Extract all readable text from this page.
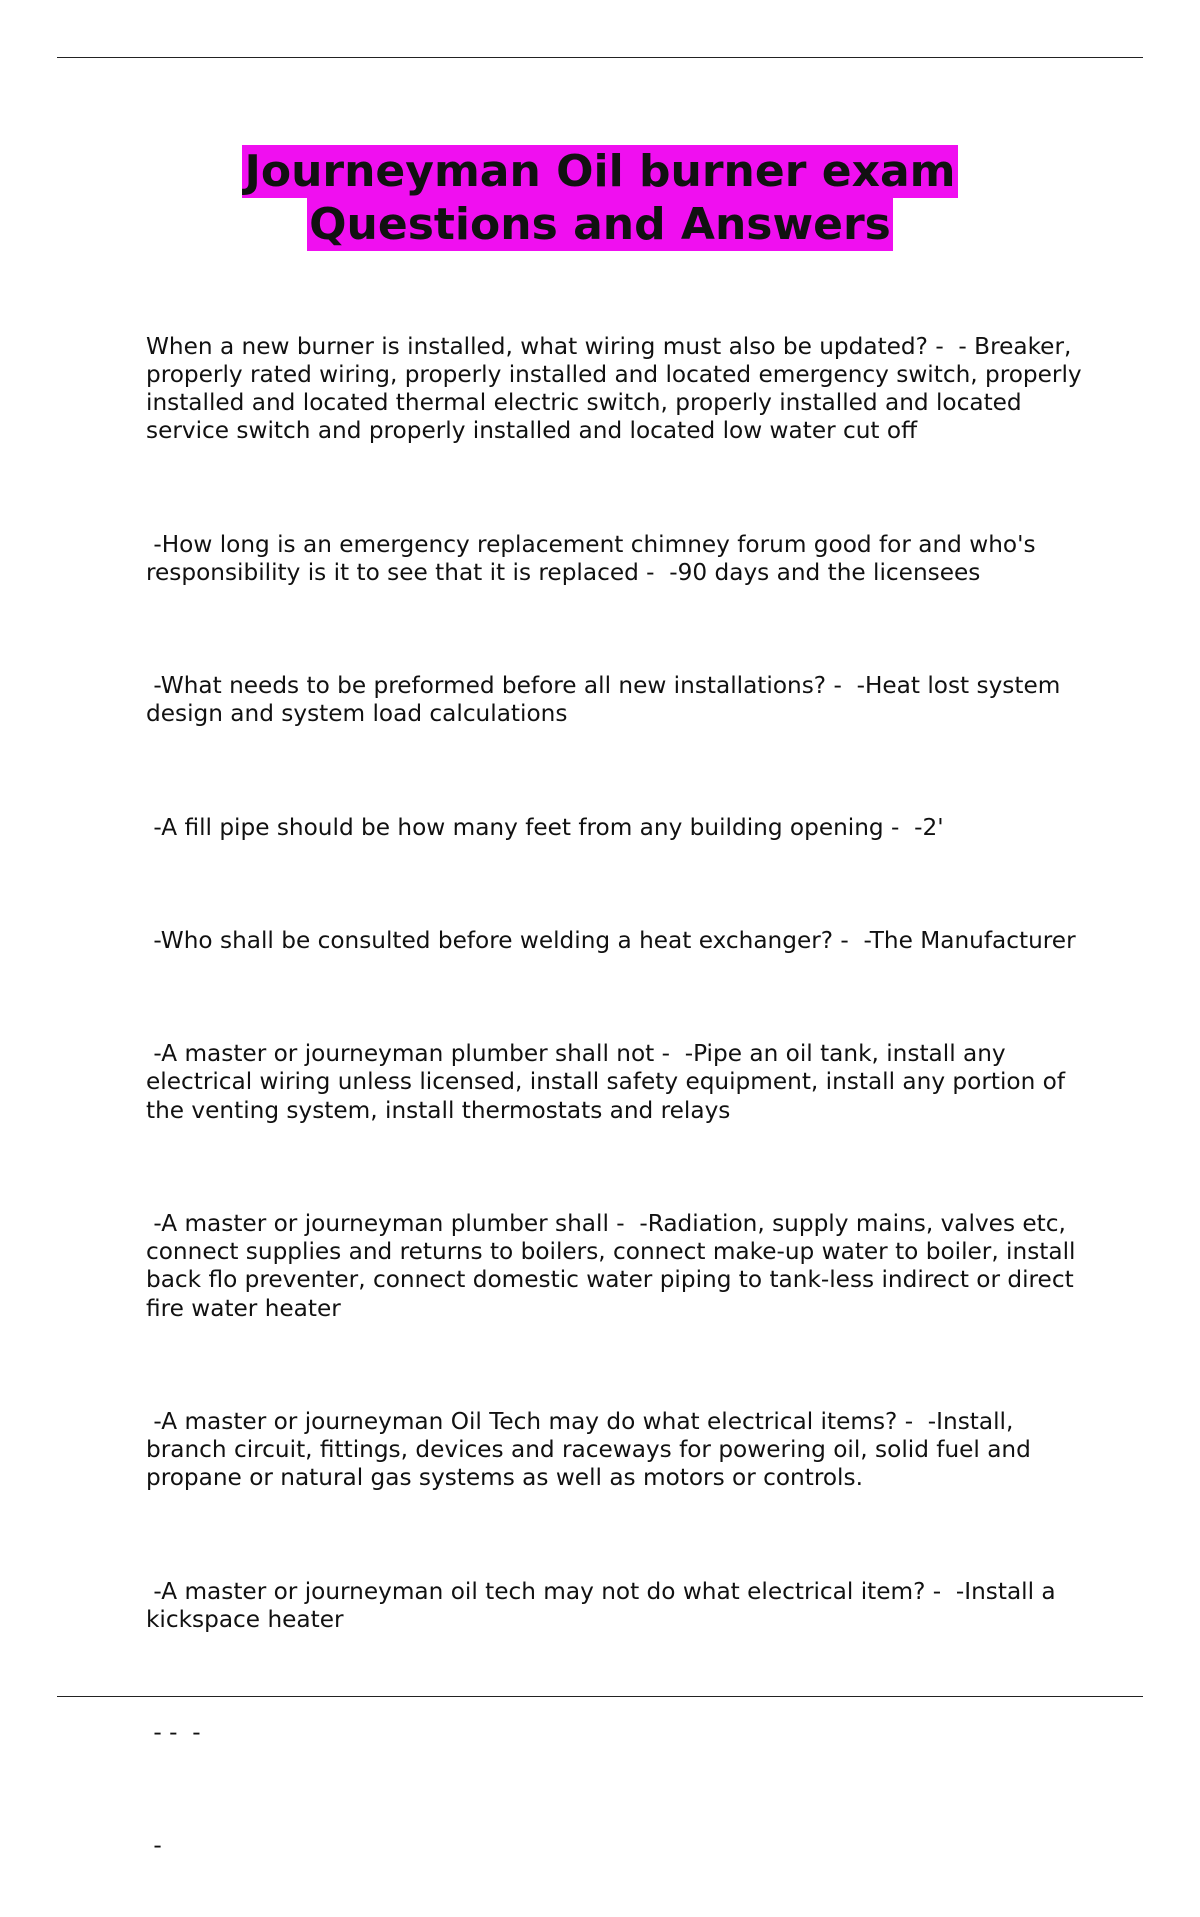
Journeyman Oil burner exam
Questions and Answers

When a new burner is installed, what wiring must also be updated? -  - Breaker, properly rated wiring, properly installed and located emergency switch, properly installed and located thermal electric switch, properly installed and located service switch and properly installed and located low water cut off

-How long is an emergency replacement chimney forum good for and who's responsibility is it to see that it is replaced -  -90 days and the licensees

-What needs to be preformed before all new installations? -  -Heat lost system design and system load calculations

-A fill pipe should be how many feet from any building opening -  -2'

-Who shall be consulted before welding a heat exchanger? -  -The Manufacturer

-A master or journeyman plumber shall not -  -Pipe an oil tank, install any electrical wiring unless licensed, install safety equipment, install any portion of the venting system, install thermostats and relays

-A master or journeyman plumber shall -  -Radiation, supply mains, valves etc, connect supplies and returns to boilers, connect make-up water to boiler, install back flo preventer, connect domestic water piping to tank-less indirect or direct fire water heater

-A master or journeyman Oil Tech may do what electrical items? -  -Install, branch circuit, fittings, devices and raceways for powering oil, solid fuel and propane or natural gas systems as well as motors or controls.

-A master or journeyman oil tech may not do what electrical item? -  -Install a kickspace heater

- -  -

-
